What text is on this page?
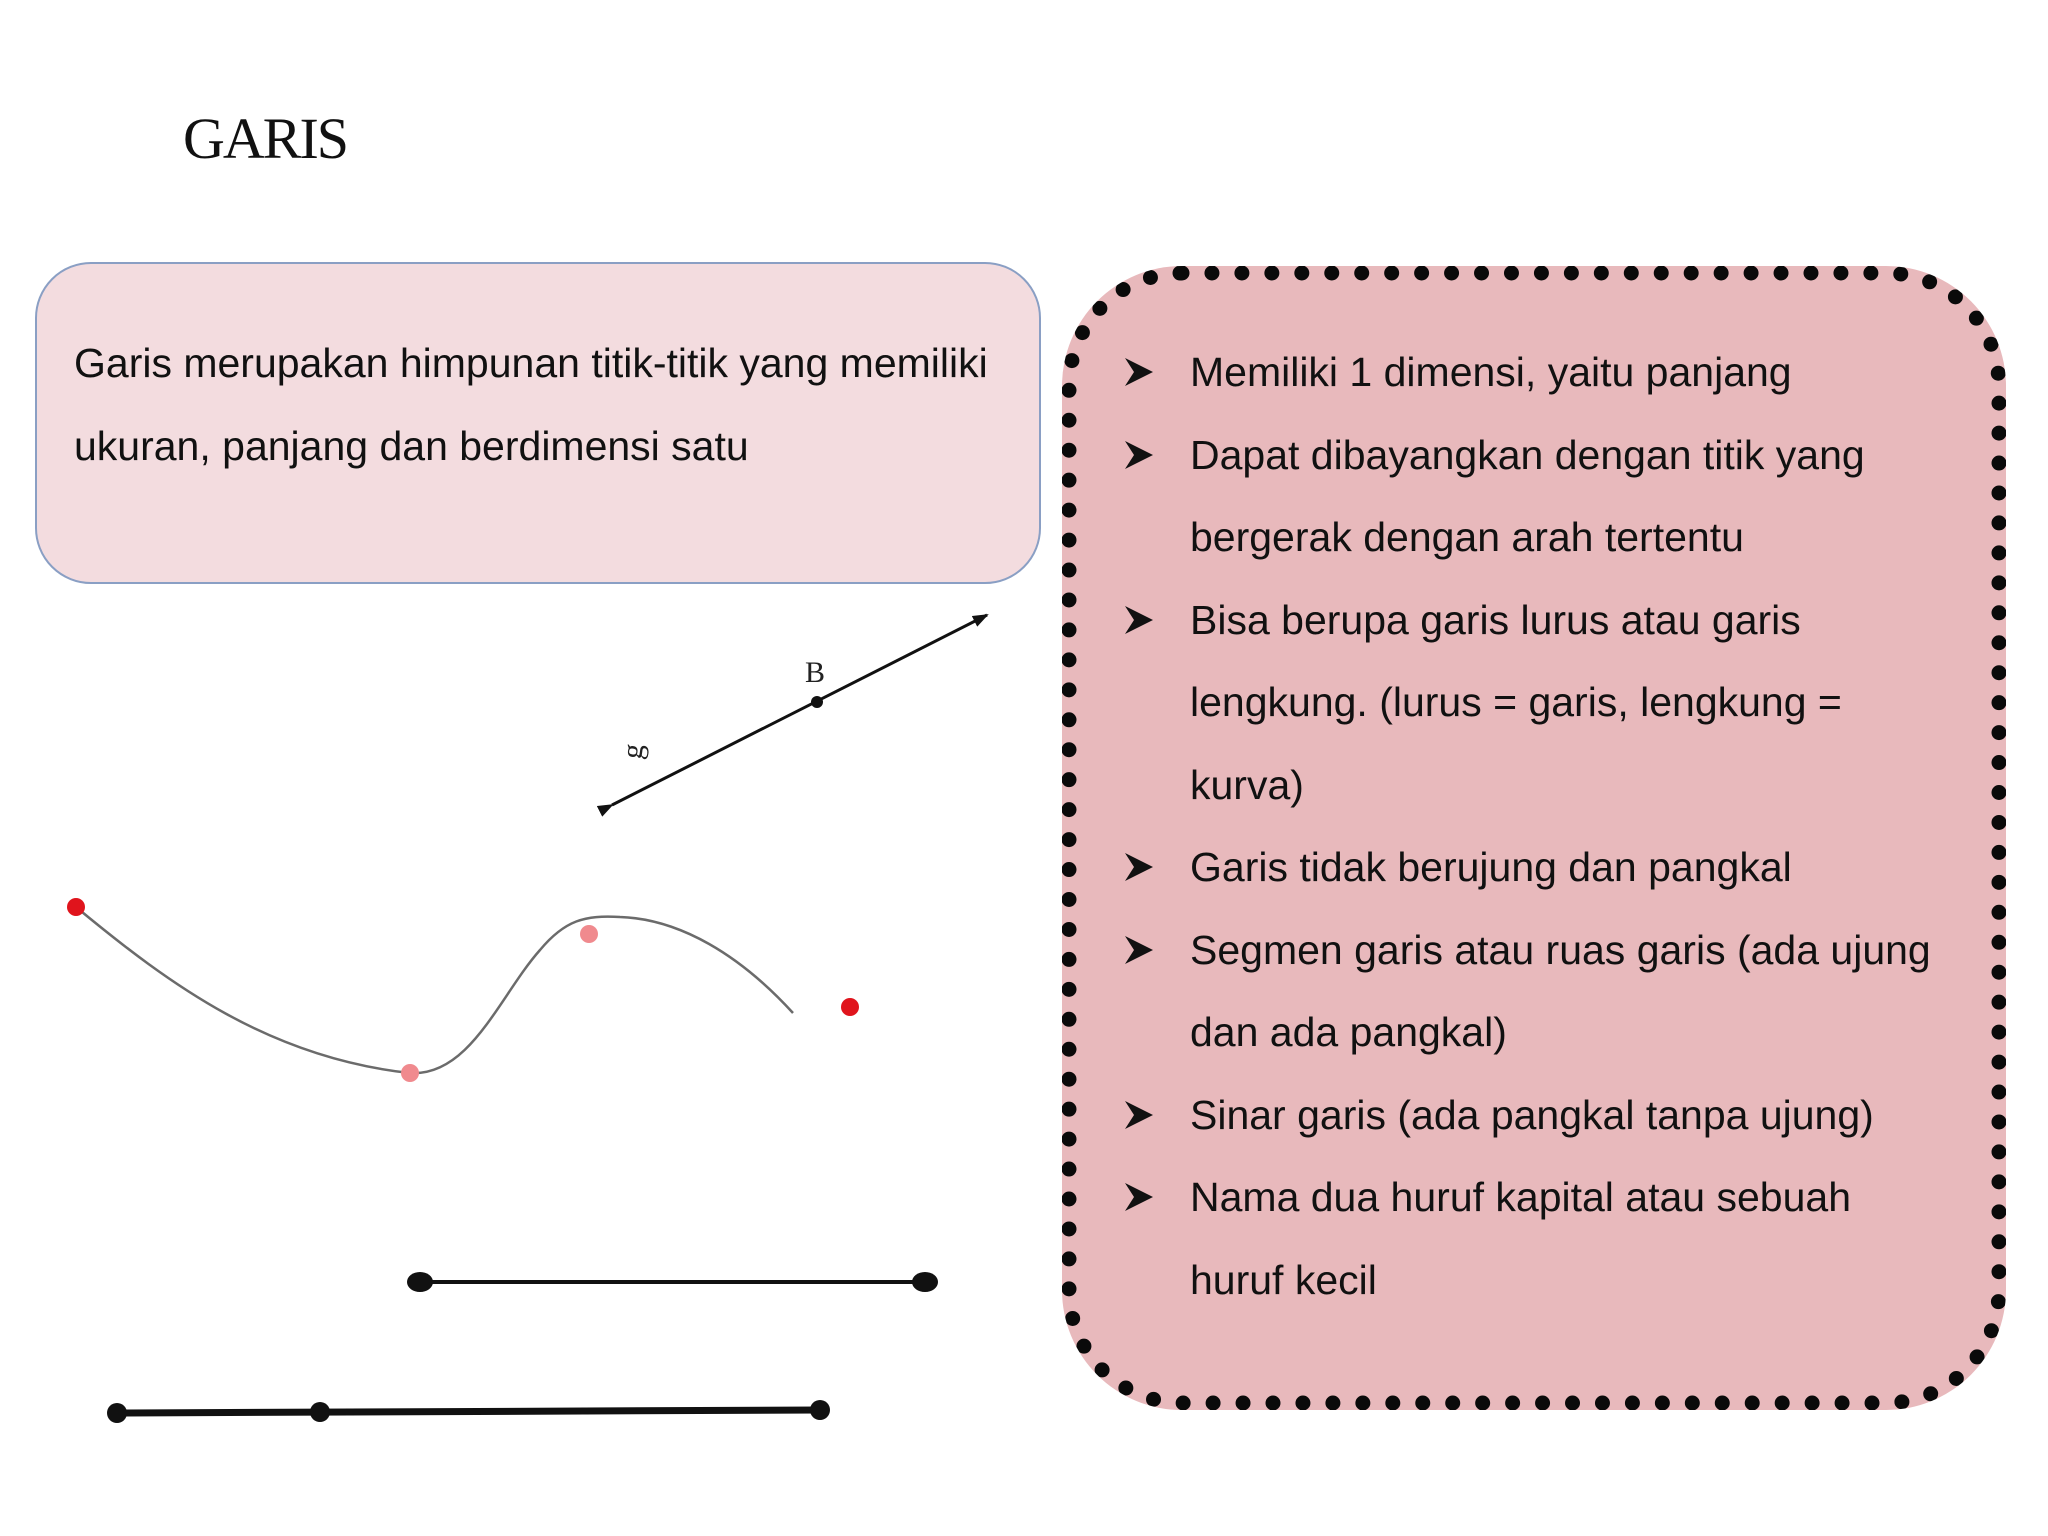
GARIS

Garis merupakan himpunan titik-titik yang memiliki ukuran, panjang dan berdimensi satu

B
g
Memiliki 1 dimensi, yaitu panjang
Dapat dibayangkan dengan titik yang bergerak dengan arah tertentu
Bisa berupa garis lurus atau garis lengkung. (lurus = garis, lengkung = kurva)
Garis tidak berujung dan pangkal
Segmen garis atau ruas garis (ada ujung dan ada pangkal)
Sinar garis (ada pangkal tanpa ujung)
Nama dua huruf kapital atau sebuah huruf kecil
